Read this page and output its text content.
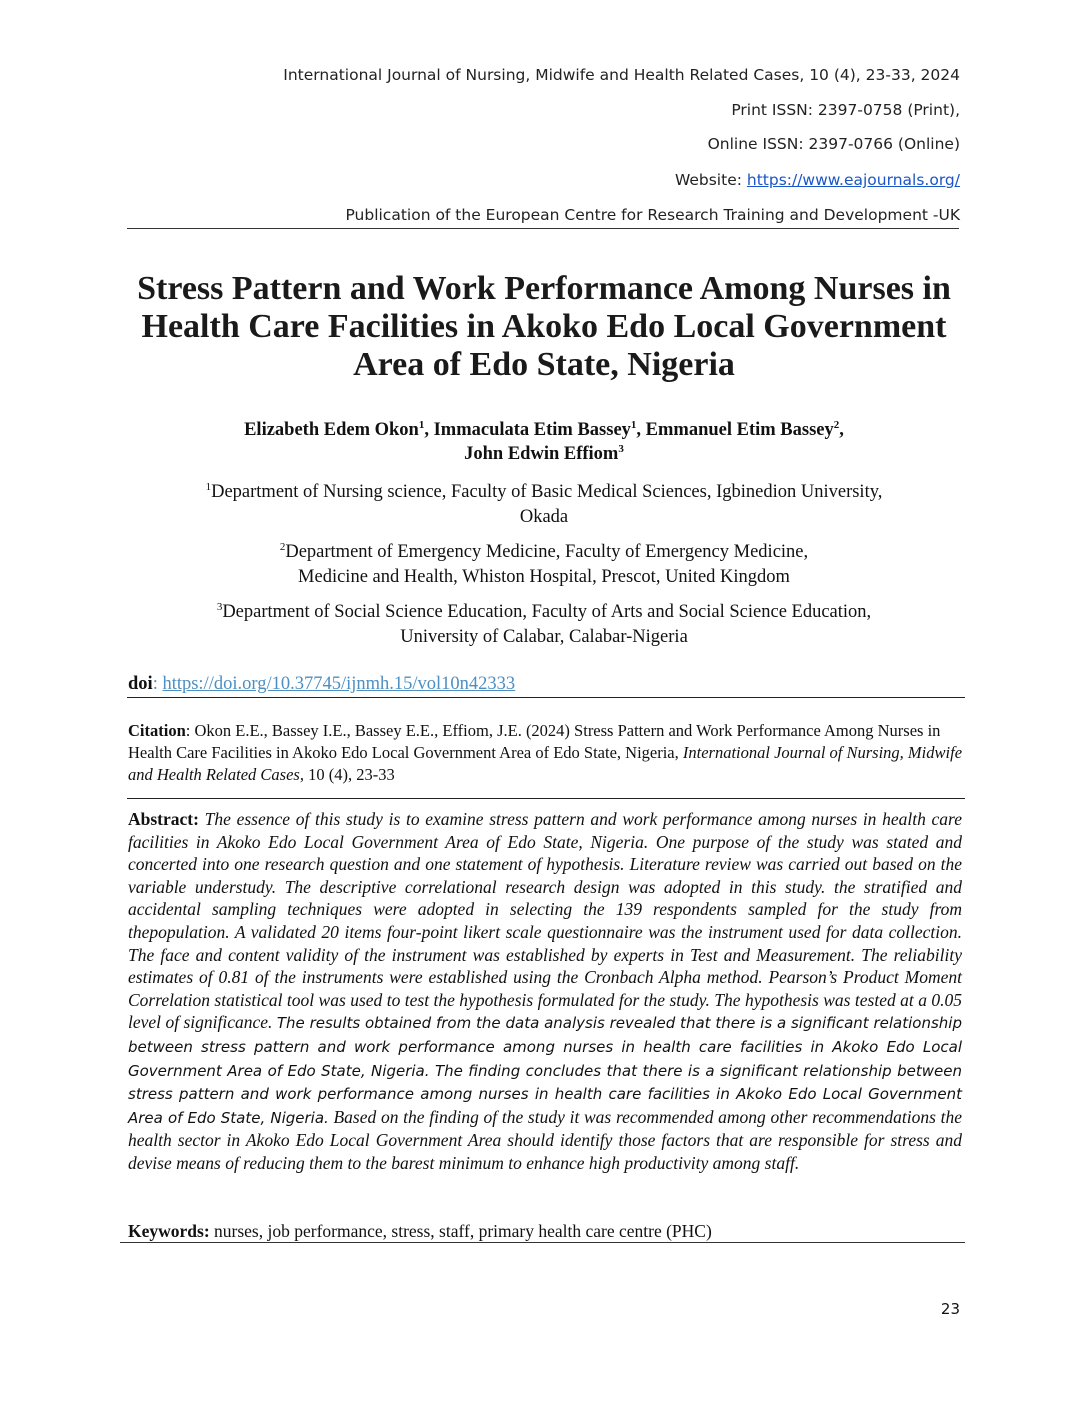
International Journal of Nursing, Midwife and Health Related Cases, 10 (4), 23-33, 2024
Print ISSN: 2397-0758 (Print),
Online ISSN: 2397-0766 (Online)
Website: https://www.eajournals.org/
Publication of the European Centre for Research Training and Development -UK
Stress Pattern and Work Performance Among Nurses in Health Care Facilities in Akoko Edo Local Government Area of Edo State, Nigeria
Elizabeth Edem Okon$^1$, Immaculata Etim Bassey$^1$, Emmanuel Etim Bassey$^2$,
John Edwin Effiom$^3$
$^1$Department of Nursing science, Faculty of Basic Medical Sciences, Igbinedion University,
Okada
$^2$Department of Emergency Medicine, Faculty of Emergency Medicine,
Medicine and Health, Whiston Hospital, Prescot, United Kingdom
$^3$Department of Social Science Education, Faculty of Arts and Social Science Education,
University of Calabar, Calabar-Nigeria
doi: https://doi.org/10.37745/ijnmh.15/vol10n42333
Citation: Okon E.E., Bassey I.E., Bassey E.E., Effiom, J.E. (2024) Stress Pattern and Work Performance Among Nurses in Health Care Facilities in Akoko Edo Local Government Area of Edo State, Nigeria, International Journal of Nursing, Midwife and Health Related Cases, 10 (4), 23-33
Abstract: The essence of this study is to examine stress pattern and work performance among nurses in health care facilities in Akoko Edo Local Government Area of Edo State, Nigeria. One purpose of the study was stated and concerted into one research question and one statement of hypothesis. Literature review was carried out based on the variable understudy. The descriptive correlational research design was adopted in this study. the stratified and accidental sampling techniques were adopted in selecting the 139 respondents sampled for the study from thepopulation. A validated 20 items four-point likert scale questionnaire was the instrument used for data collection. The face and content validity of the instrument was established by experts in Test and Measurement. The reliability estimates of 0.81 of the instruments were established using the Cronbach Alpha method. Pearson’s Product Moment Correlation statistical tool was used to test the hypothesis formulated for the study. The hypothesis was tested at a 0.05 level of significance. The results obtained from the data analysis revealed that there is a significant relationship between stress pattern and work performance among nurses in health care facilities in Akoko Edo Local Government Area of Edo State, Nigeria. The finding concludes that there is a significant relationship between stress pattern and work performance among nurses in health care facilities in Akoko Edo Local Government Area of Edo State, Nigeria. Based on the finding of the study it was recommended among other recommendations the health sector in Akoko Edo Local Government Area should identify those factors that are responsible for stress and devise means of reducing them to the barest minimum to enhance high productivity among staff.
Keywords: nurses, job performance, stress, staff, primary health care centre (PHC)
23
